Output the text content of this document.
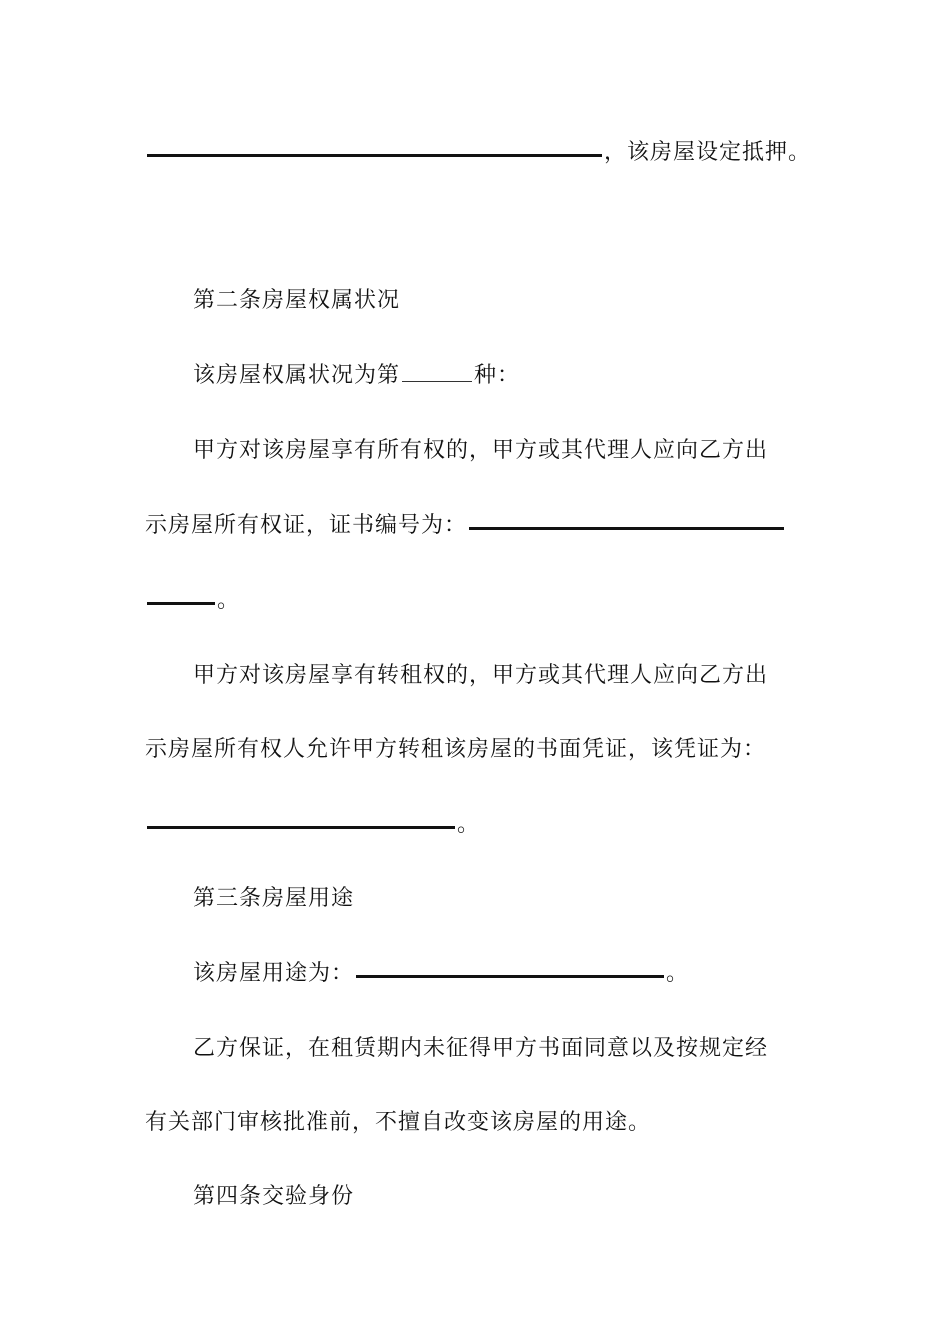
，该房屋设定抵押。
第二条房屋权属状况
该房屋权属状况为第	种：
甲方对该房屋享有所有权的，甲方或其代理人应向乙方出
示房屋所有权证，证书编号为：
。
甲方对该房屋享有转租权的，甲方或其代理人应向乙方出
示房屋所有权人允许甲方转租该房屋的书面凭证，该凭证为：
。
第三条房屋用途
该房屋用途为：	。
乙方保证，在租赁期内未征得甲方书面同意以及按规定经
有关部门审核批准前，不擅自改变该房屋的用途。
第四条交验身份
